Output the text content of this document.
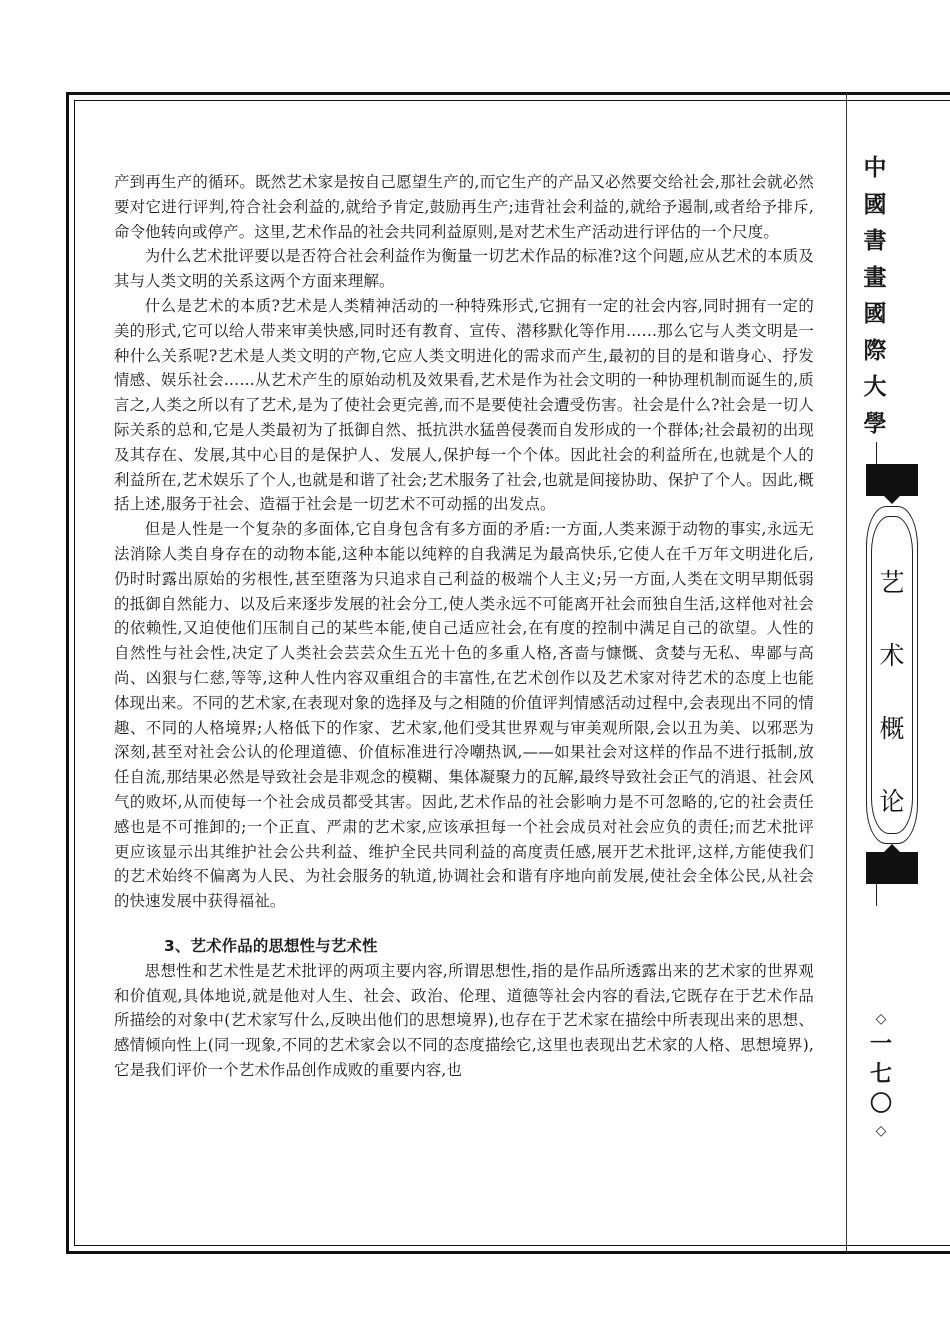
产到再生产的循环。既然艺术家是按自己愿望生产的,而它生产的产品又必然要交给社会,那社会就必然要对它进行评判,符合社会利益的,就给予肯定,鼓励再生产;违背社会利益的,就给予遏制,或者给予排斥,命令他转向或停产。这里,艺术作品的社会共同利益原则,是对艺术生产活动进行评估的一个尺度。

为什么艺术批评要以是否符合社会利益作为衡量一切艺术作品的标准?这个问题,应从艺术的本质及其与人类文明的关系这两个方面来理解。

什么是艺术的本质?艺术是人类精神活动的一种特殊形式,它拥有一定的社会内容,同时拥有一定的美的形式,它可以给人带来审美快感,同时还有教育、宣传、潜移默化等作用……那么它与人类文明是一种什么关系呢?艺术是人类文明的产物,它应人类文明进化的需求而产生,最初的目的是和谐身心、抒发情感、娱乐社会……从艺术产生的原始动机及效果看,艺术是作为社会文明的一种协理机制而诞生的,质言之,人类之所以有了艺术,是为了使社会更完善,而不是要使社会遭受伤害。社会是什么?社会是一切人际关系的总和,它是人类最初为了抵御自然、抵抗洪水猛兽侵袭而自发形成的一个群体;社会最初的出现及其存在、发展,其中心目的是保护人、发展人,保护每一个个体。因此社会的利益所在,也就是个人的利益所在,艺术娱乐了个人,也就是和谐了社会;艺术服务了社会,也就是间接协助、保护了个人。因此,概括上述,服务于社会、造福于社会是一切艺术不可动摇的出发点。

但是人性是一个复杂的多面体,它自身包含有多方面的矛盾:一方面,人类来源于动物的事实,永远无法消除人类自身存在的动物本能,这种本能以纯粹的自我满足为最高快乐,它使人在千万年文明进化后,仍时时露出原始的劣根性,甚至堕落为只追求自己利益的极端个人主义;另一方面,人类在文明早期低弱的抵御自然能力、以及后来逐步发展的社会分工,使人类永远不可能离开社会而独自生活,这样他对社会的依赖性,又迫使他们压制自己的某些本能,使自己适应社会,在有度的控制中满足自己的欲望。人性的自然性与社会性,决定了人类社会芸芸众生五光十色的多重人格,吝啬与慷慨、贪婪与无私、卑鄙与高尚、凶狠与仁慈,等等,这种人性内容双重组合的丰富性,在艺术创作以及艺术家对待艺术的态度上也能体现出来。不同的艺术家,在表现对象的选择及与之相随的价值评判情感活动过程中,会表现出不同的情趣、不同的人格境界;人格低下的作家、艺术家,他们受其世界观与审美观所限,会以丑为美、以邪恶为深刻,甚至对社会公认的伦理道德、价值标准进行冷嘲热讽,——如果社会对这样的作品不进行抵制,放任自流,那结果必然是导致社会是非观念的模糊、集体凝聚力的瓦解,最终导致社会正气的消退、社会风气的败坏,从而使每一个社会成员都受其害。因此,艺术作品的社会影响力是不可忽略的,它的社会责任感也是不可推卸的;一个正直、严肃的艺术家,应该承担每一个社会成员对社会应负的责任;而艺术批评更应该显示出其维护社会公共利益、维护全民共同利益的高度责任感,展开艺术批评,这样,方能使我们的艺术始终不偏离为人民、为社会服务的轨道,协调社会和谐有序地向前发展,使社会全体公民,从社会的快速发展中获得福祉。

3、艺术作品的思想性与艺术性

思想性和艺术性是艺术批评的两项主要内容,所谓思想性,指的是作品所透露出来的艺术家的世界观和价值观,具体地说,就是他对人生、社会、政治、伦理、道德等社会内容的看法,它既存在于艺术作品所描绘的对象中(艺术家写什么,反映出他们的思想境界),也存在于艺术家在描绘中所表现出来的思想、感情倾向性上(同一现象,不同的艺术家会以不同的态度描绘它,这里也表现出艺术家的人格、思想境界),它是我们评价一个艺术作品创作成败的重要内容,也

中
國
書
畫
國
際
大
學
艺
术
概
论
◇
一
七
〇
◇
